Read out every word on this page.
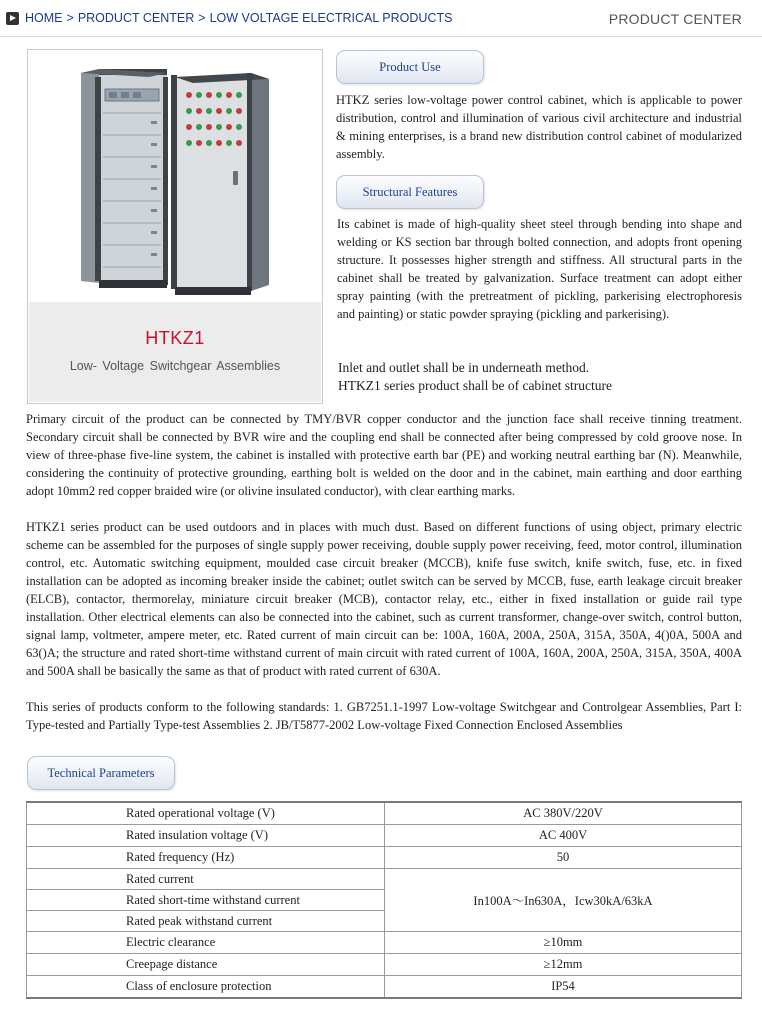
HOME > PRODUCT CENTER > LOW VOLTAGE ELECTRICAL PRODUCTS	PRODUCT CENTER
HTKZ1
Low- Voltage Switchgear Assemblies
Product Use

HTKZ series low-voltage power control cabinet, which is applicable to power distribution, control and illumination of various civil architecture and industrial & mining enterprises, is a brand new distribution control cabinet of modularized assembly.

Structural Features

Its cabinet is made of high-quality sheet steel through bending into shape and welding or KS section bar through bolted connection, and adopts front opening structure. It possesses higher strength and stiffness. All structural parts in the cabinet shall be treated by galvanization. Surface treatment can adopt either spray painting (with the pretreatment of pickling, parkerising electrophoresis and painting) or static powder spraying (pickling and parkerising).

Inlet and outlet shall be in underneath method.

HTKZ1 series product shall be of cabinet structure

Primary circuit of the product can be connected by TMY/BVR copper conductor and the junction face shall receive tinning treatment. Secondary circuit shall be connected by BVR wire and the coupling end shall be connected after being compressed by cold groove nose. In view of three-phase five-line system, the cabinet is installed with protective earth bar (PE) and working neutral earthing bar (N). Meanwhile, considering the continuity of protective grounding, earthing bolt is welded on the door and in the cabinet, main earthing and door earthing adopt 10mm2 red copper braided wire (or olivine insulated conductor), with clear earthing marks.

HTKZ1 series product can be used outdoors and in places with much dust. Based on different functions of using object, primary electric scheme can be assembled for the purposes of single supply power receiving, double supply power receiving, feed, motor control, illumination control, etc. Automatic switching equipment, moulded case circuit breaker (MCCB), knife fuse switch, knife switch, fuse, etc. in fixed installation can be adopted as incoming breaker inside the cabinet; outlet switch can be served by MCCB, fuse, earth leakage circuit breaker (ELCB), contactor, thermorelay, miniature circuit breaker (MCB), contactor relay, etc., either in fixed installation or guide rail type installation. Other electrical elements can also be connected into the cabinet, such as current transformer, change-over switch, control button, signal lamp, voltmeter, ampere meter, etc. Rated current of main circuit can be: 100A, 160A, 200A, 250A, 315A, 350A, 4()0A, 500A and 63()A; the structure and rated short-time withstand current of main circuit with rated current of 100A, 160A, 200A, 250A, 315A, 350A, 400A and 500A shall be basically the same as that of product with rated current of 630A.

This series of products conform to the following standards: 1. GB7251.1-1997 Low-voltage Switchgear and Controlgear Assemblies, Part I: Type-tested and Partially Type-test Assemblies 2. JB/T5877-2002 Low-voltage Fixed Connection Enclosed Assemblies

Technical Parameters
Rated operational voltage (V)	AC 380V/220V
Rated insulation voltage (V)	AC 400V
Rated frequency (Hz)	50
Rated current	In100A～In630A，Icw30kA/63kA
Rated short-time withstand current	
Rated peak withstand current	
Electric clearance	≥10mm
Creepage distance	≥12mm
Class of enclosure protection	IP54
